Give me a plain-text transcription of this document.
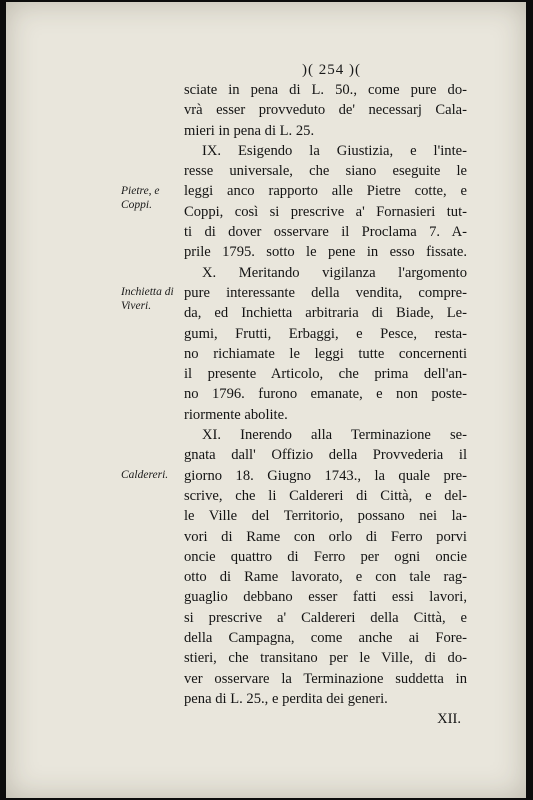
)( 254 )(
sciate in pena di L. 50., come pure do-
vrà esser provveduto de' necessarj Cala-
mieri in pena di L. 25.
IX. Esigendo la Giustizia, e l'inte-
resse universale, che siano eseguite le
leggi anco rapporto alle Pietre cotte, e
Coppi, così si prescrive a' Fornasieri tut-
ti di dover osservare il Proclama 7. A-
prile 1795. sotto le pene in esso fissate.
X. Meritando vigilanza l'argomento
pure interessante della vendita, compre-
da, ed Inchietta arbitraria di Biade, Le-
gumi, Frutti, Erbaggi, e Pesce, resta-
no richiamate le leggi tutte concernenti
il presente Articolo, che prima dell'an-
no 1796. furono emanate, e non poste-
riormente abolite.
XI. Inerendo alla Terminazione se-
gnata dall' Offizio della Provvederia il
giorno 18. Giugno 1743., la quale pre-
scrive, che li Caldereri di Città, e del-
le Ville del Territorio, possano nei la-
vori di Rame con orlo di Ferro porvi
oncie quattro di Ferro per ogni oncie
otto di Rame lavorato, e con tale rag-
guaglio debbano esser fatti essi lavori,
si prescrive a' Caldereri della Città, e
della Campagna, come anche ai Fore-
stieri, che transitano per le Ville, di do-
ver osservare la Terminazione suddetta in
pena di L. 25., e perdita dei generi.
XII.
Pietre, e Coppi.
Inchietta di Viveri.
Caldereri.
